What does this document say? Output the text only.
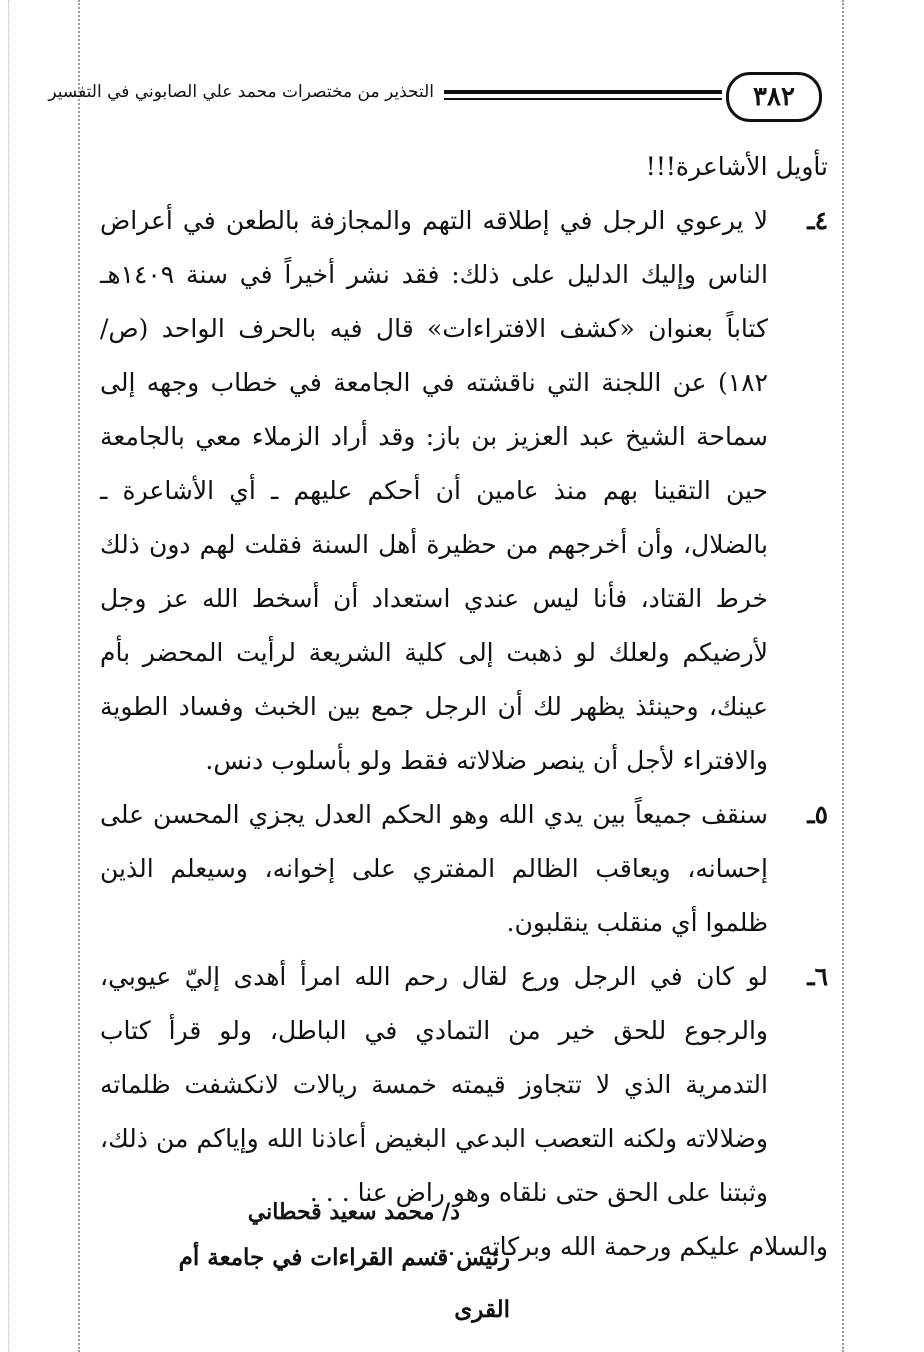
٣٨٢
التحذير من مختصرات محمد علي الصابوني في التفسير

تأويل الأشاعرة!!!

٤ـ

لا يرعوي الرجل في إطلاقه التهم والمجازفة بالطعن في أعراض الناس وإليك الدليل على ذلك: فقد نشر أخيراً في سنة ١٤٠٩هـ كتاباً بعنوان «كشف الافتراءات» قال فيه بالحرف الواحد (ص/ ١٨٢) عن اللجنة التي ناقشته في الجامعة في خطاب وجهه إلى سماحة الشيخ عبد العزيز بن باز: وقد أراد الزملاء معي بالجامعة حين التقينا بهم منذ عامين أن أحكم عليهم ـ أي الأشاعرة ـ بالضلال، وأن أخرجهم من حظيرة أهل السنة فقلت لهم دون ذلك خرط القتاد، فأنا ليس عندي استعداد أن أسخط الله عز وجل لأرضيكم ولعلك لو ذهبت إلى كلية الشريعة لرأيت المحضر بأم عينك، وحينئذ يظهر لك أن الرجل جمع بين الخبث وفساد الطوية والافتراء لأجل أن ينصر ضلالاته فقط ولو بأسلوب دنس.

٥ـ

سنقف جميعاً بين يدي الله وهو الحكم العدل يجزي المحسن على إحسانه، ويعاقب الظالم المفتري على إخوانه، وسيعلم الذين ظلموا أي منقلب ينقلبون.

٦ـ

لو كان في الرجل ورع لقال رحم الله امرأ أهدى إليّ عيوبي، والرجوع للحق خير من التمادي في الباطل، ولو قرأ كتاب التدمرية الذي لا تتجاوز قيمته خمسة ريالات لانكشفت ظلماته وضلالاته ولكنه التعصب البدعي البغيض أعاذنا الله وإياكم من ذلك، وثبتنا على الحق حتى نلقاه وهو راض عنا . . .

والسلام عليكم ورحمة الله وبركاته . . .

د/ محمد سعيد قحطاني

رئيس قسم القراءات في جامعة أم القرى
